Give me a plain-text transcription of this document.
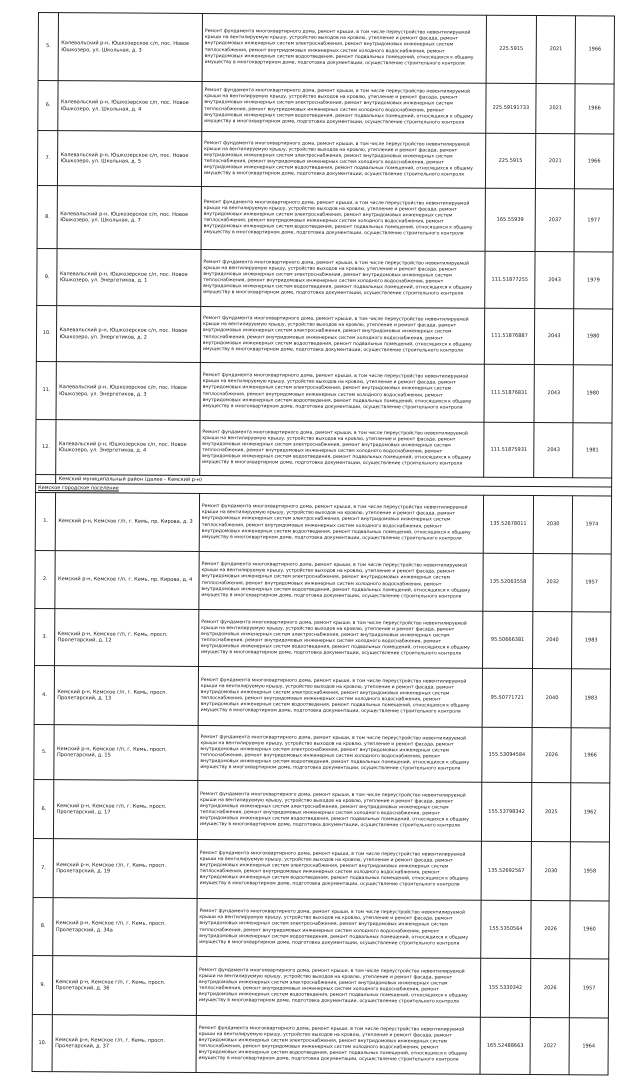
5.	Калевальский р-н, Юшкозерское с/п, пос. Новое Юшкозеро, ул. Школьная, д. 3	Ремонт фундамента многоквартирного дома, ремонт крыши, в том числе переустройство невентилируемой крыши на вентилируемую крышу, устройство выходов на кровлю, утепление и ремонт фасада, ремонт внутридомовых инженерных систем электроснабжения, ремонт внутридомовых инженерных систем теплоснабжения, ремонт внутридомовых инженерных систем холодного водоснабжения, ремонт внутридомовых инженерных систем водоотведения, ремонт подвальных помещений, относящихся к общему имуществу в многоквартирном доме, подготовка документации, осуществление строительного контроля	225.5915	2021	1966
6.	Калевальский р-н, Юшкозерское с/п, пос. Новое Юшкозеро, ул. Школьная, д. 4	Ремонт фундамента многоквартирного дома, ремонт крыши, в том числе переустройство невентилируемой крыши на вентилируемую крышу, устройство выходов на кровлю, утепление и ремонт фасада, ремонт внутридомовых инженерных систем электроснабжения, ремонт внутридомовых инженерных систем теплоснабжения, ремонт внутридомовых инженерных систем холодного водоснабжения, ремонт внутридомовых инженерных систем водоотведения, ремонт подвальных помещений, относящихся к общему имуществу в многоквартирном доме, подготовка документации, осуществление строительного контроля	225.59191733	2021	1966
7.	Калевальский р-н, Юшкозерское с/п, пос. Новое Юшкозеро, ул. Школьная, д. 5	Ремонт фундамента многоквартирного дома, ремонт крыши, в том числе переустройство невентилируемой крыши на вентилируемую крышу, устройство выходов на кровлю, утепление и ремонт фасада, ремонт внутридомовых инженерных систем электроснабжения, ремонт внутридомовых инженерных систем теплоснабжения, ремонт внутридомовых инженерных систем холодного водоснабжения, ремонт внутридомовых инженерных систем водоотведения, ремонт подвальных помещений, относящихся к общему имуществу в многоквартирном доме, подготовка документации, осуществление строительного контроля	225.5915	2021	1966
8.	Калевальский р-н, Юшкозерское с/п, пос. Новое Юшкозеро, ул. Школьная, д. 7	Ремонт фундамента многоквартирного дома, ремонт крыши, в том числе переустройство невентилируемой крыши на вентилируемую крышу, устройство выходов на кровлю, утепление и ремонт фасада, ремонт внутридомовых инженерных систем электроснабжения, ремонт внутридомовых инженерных систем теплоснабжения, ремонт внутридомовых инженерных систем холодного водоснабжения, ремонт внутридомовых инженерных систем водоотведения, ремонт подвальных помещений, относящихся к общему имуществу в многоквартирном доме, подготовка документации, осуществление строительного контроля	165.55939	2037	1977
9.	Калевальский р-н, Юшкозерское с/п, пос. Новое Юшкозеро, ул. Энергетиков, д. 1	Ремонт фундамента многоквартирного дома, ремонт крыши, в том числе переустройство невентилируемой крыши на вентилируемую крышу, устройство выходов на кровлю, утепление и ремонт фасада, ремонт внутридомовых инженерных систем электроснабжения, ремонт внутридомовых инженерных систем теплоснабжения, ремонт внутридомовых инженерных систем холодного водоснабжения, ремонт внутридомовых инженерных систем водоотведения, ремонт подвальных помещений, относящихся к общему имуществу в многоквартирном доме, подготовка документации, осуществление строительного контроля	111.51877255	2043	1979
10.	Калевальский р-н, Юшкозерское с/п, пос. Новое Юшкозеро, ул. Энергетиков, д. 2	Ремонт фундамента многоквартирного дома, ремонт крыши, в том числе переустройство невентилируемой крыши на вентилируемую крышу, устройство выходов на кровлю, утепление и ремонт фасада, ремонт внутридомовых инженерных систем электроснабжения, ремонт внутридомовых инженерных систем теплоснабжения, ремонт внутридомовых инженерных систем холодного водоснабжения, ремонт внутридомовых инженерных систем водоотведения, ремонт подвальных помещений, относящихся к общему имуществу в многоквартирном доме, подготовка документации, осуществление строительного контроля	111.51876887	2043	1980
11.	Калевальский р-н, Юшкозерское с/п, пос. Новое Юшкозеро, ул. Энергетиков, д. 3	Ремонт фундамента многоквартирного дома, ремонт крыши, в том числе переустройство невентилируемой крыши на вентилируемую крышу, устройство выходов на кровлю, утепление и ремонт фасада, ремонт внутридомовых инженерных систем электроснабжения, ремонт внутридомовых инженерных систем теплоснабжения, ремонт внутридомовых инженерных систем холодного водоснабжения, ремонт внутридомовых инженерных систем водоотведения, ремонт подвальных помещений, относящихся к общему имуществу в многоквартирном доме, подготовка документации, осуществление строительного контроля	111.51876831	2043	1980
12.	Калевальский р-н, Юшкозерское с/п, пос. Новое Юшкозеро, ул. Энергетиков, д. 4	Ремонт фундамента многоквартирного дома, ремонт крыши, в том числе переустройство невентилируемой крыши на вентилируемую крышу, устройство выходов на кровлю, утепление и ремонт фасада, ремонт внутридомовых инженерных систем электроснабжения, ремонт внутридомовых инженерных систем теплоснабжения, ремонт внутридомовых инженерных систем холодного водоснабжения, ремонт внутридомовых инженерных систем водоотведения, ремонт подвальных помещений, относящихся к общему имуществу в многоквартирном доме, подготовка документации, осуществление строительного контроля	111.51875931	2043	1981
	Кемский муниципальный район (далее - Кемский р-н)				
Кемское городское поселение					
1.	Кемский р-н, Кемское г/п, г. Кемь, пр. Кирова, д. 3	Ремонт фундамента многоквартирного дома, ремонт крыши, в том числе переустройство невентилируемой крыши на вентилируемую крышу, устройство выходов на кровлю, утепление и ремонт фасада, ремонт внутридомовых инженерных систем электроснабжения, ремонт внутридомовых инженерных систем теплоснабжения, ремонт внутридомовых инженерных систем холодного водоснабжения, ремонт внутридомовых инженерных систем водоотведения, ремонт подвальных помещений, относящихся к общему имуществу в многоквартирном доме, подготовка документации, осуществление строительного контроля	135.52678011	2030	1974
2.	Кемский р-н, Кемское г/п, г. Кемь, пр. Кирова, д. 4	Ремонт фундамента многоквартирного дома, ремонт крыши, в том числе переустройство невентилируемой крыши на вентилируемую крышу, устройство выходов на кровлю, утепление и ремонт фасада, ремонт внутридомовых инженерных систем электроснабжения, ремонт внутридомовых инженерных систем теплоснабжения, ремонт внутридомовых инженерных систем холодного водоснабжения, ремонт внутридомовых инженерных систем водоотведения, ремонт подвальных помещений, относящихся к общему имуществу в многоквартирном доме, подготовка документации, осуществление строительного контроля	135.52063558	2032	1957
3.	Кемский р-н, Кемское г/п, г. Кемь, просп. Пролетарский, д. 12	Ремонт фундамента многоквартирного дома, ремонт крыши, в том числе переустройство невентилируемой крыши на вентилируемую крышу, устройство выходов на кровлю, утепление и ремонт фасада, ремонт внутридомовых инженерных систем электроснабжения, ремонт внутридомовых инженерных систем теплоснабжения, ремонт внутридомовых инженерных систем холодного водоснабжения, ремонт внутридомовых инженерных систем водоотведения, ремонт подвальных помещений, относящихся к общему имуществу в многоквартирном доме, подготовка документации, осуществление строительного контроля	95.50666381	2040	1983
4.	Кемский р-н, Кемское г/п, г. Кемь, просп. Пролетарский, д. 13	Ремонт фундамента многоквартирного дома, ремонт крыши, в том числе переустройство невентилируемой крыши на вентилируемую крышу, устройство выходов на кровлю, утепление и ремонт фасада, ремонт внутридомовых инженерных систем электроснабжения, ремонт внутридомовых инженерных систем теплоснабжения, ремонт внутридомовых инженерных систем холодного водоснабжения, ремонт внутридомовых инженерных систем водоотведения, ремонт подвальных помещений, относящихся к общему имуществу в многоквартирном доме, подготовка документации, осуществление строительного контроля	95.50771721	2040	1983
5.	Кемский р-н, Кемское г/п, г. Кемь, просп. Пролетарский, д. 15	Ремонт фундамента многоквартирного дома, ремонт крыши, в том числе переустройство невентилируемой крыши на вентилируемую крышу, устройство выходов на кровлю, утепление и ремонт фасада, ремонт внутридомовых инженерных систем электроснабжения, ремонт внутридомовых инженерных систем теплоснабжения, ремонт внутридомовых инженерных систем холодного водоснабжения, ремонт внутридомовых инженерных систем водоотведения, ремонт подвальных помещений, относящихся к общему имуществу в многоквартирном доме, подготовка документации, осуществление строительного контроля	155.53094584	2026	1966
6.	Кемский р-н, Кемское г/п, г. Кемь, просп. Пролетарский, д. 17	Ремонт фундамента многоквартирного дома, ремонт крыши, в том числе переустройство невентилируемой крыши на вентилируемую крышу, устройство выходов на кровлю, утепление и ремонт фасада, ремонт внутридомовых инженерных систем электроснабжения, ремонт внутридомовых инженерных систем теплоснабжения, ремонт внутридомовых инженерных систем холодного водоснабжения, ремонт внутридомовых инженерных систем водоотведения, ремонт подвальных помещений, относящихся к общему имуществу в многоквартирном доме, подготовка документации, осуществление строительного контроля	155.53798342	2025	1962
7.	Кемский р-н, Кемское г/п, г. Кемь, просп. Пролетарский, д. 19	Ремонт фундамента многоквартирного дома, ремонт крыши, в том числе переустройство невентилируемой крыши на вентилируемую крышу, устройство выходов на кровлю, утепление и ремонт фасада, ремонт внутридомовых инженерных систем электроснабжения, ремонт внутридомовых инженерных систем теплоснабжения, ремонт внутридомовых инженерных систем холодного водоснабжения, ремонт внутридомовых инженерных систем водоотведения, ремонт подвальных помещений, относящихся к общему имуществу в многоквартирном доме, подготовка документации, осуществление строительного контроля	135.52692567	2030	1958
8.	Кемский р-н, Кемское г/п, г. Кемь, просп. Пролетарский, д. 34а	Ремонт фундамента многоквартирного дома, ремонт крыши, в том числе переустройство невентилируемой крыши на вентилируемую крышу, устройство выходов на кровлю, утепление и ремонт фасада, ремонт внутридомовых инженерных систем электроснабжения, ремонт внутридомовых инженерных систем теплоснабжения, ремонт внутридомовых инженерных систем холодного водоснабжения, ремонт внутридомовых инженерных систем водоотведения, ремонт подвальных помещений, относящихся к общему имуществу в многоквартирном доме, подготовка документации, осуществление строительного контроля	155.5350564	2026	1960
9.	Кемский р-н, Кемское г/п, г. Кемь, просп. Пролетарский, д. 36	Ремонт фундамента многоквартирного дома, ремонт крыши, в том числе переустройство невентилируемой крыши на вентилируемую крышу, устройство выходов на кровлю, утепление и ремонт фасада, ремонт внутридомовых инженерных систем электроснабжения, ремонт внутридомовых инженерных систем теплоснабжения, ремонт внутридомовых инженерных систем холодного водоснабжения, ремонт внутридомовых инженерных систем водоотведения, ремонт подвальных помещений, относящихся к общему имуществу в многоквартирном доме, подготовка документации, осуществление строительного контроля	155.5330342	2026	1957
10.	Кемский р-н, Кемское г/п, г. Кемь, просп. Пролетарский, д. 37	Ремонт фундамента многоквартирного дома, ремонт крыши, в том числе переустройство невентилируемой крыши на вентилируемую крышу, устройство выходов на кровлю, утепление и ремонт фасада, ремонт внутридомовых инженерных систем электроснабжения, ремонт внутридомовых инженерных систем теплоснабжения, ремонт внутридомовых инженерных систем холодного водоснабжения, ремонт внутридомовых инженерных систем водоотведения, ремонт подвальных помещений, относящихся к общему имуществу в многоквартирном доме, подготовка документации, осуществление строительного контроля	165.52488663	2027	1964
